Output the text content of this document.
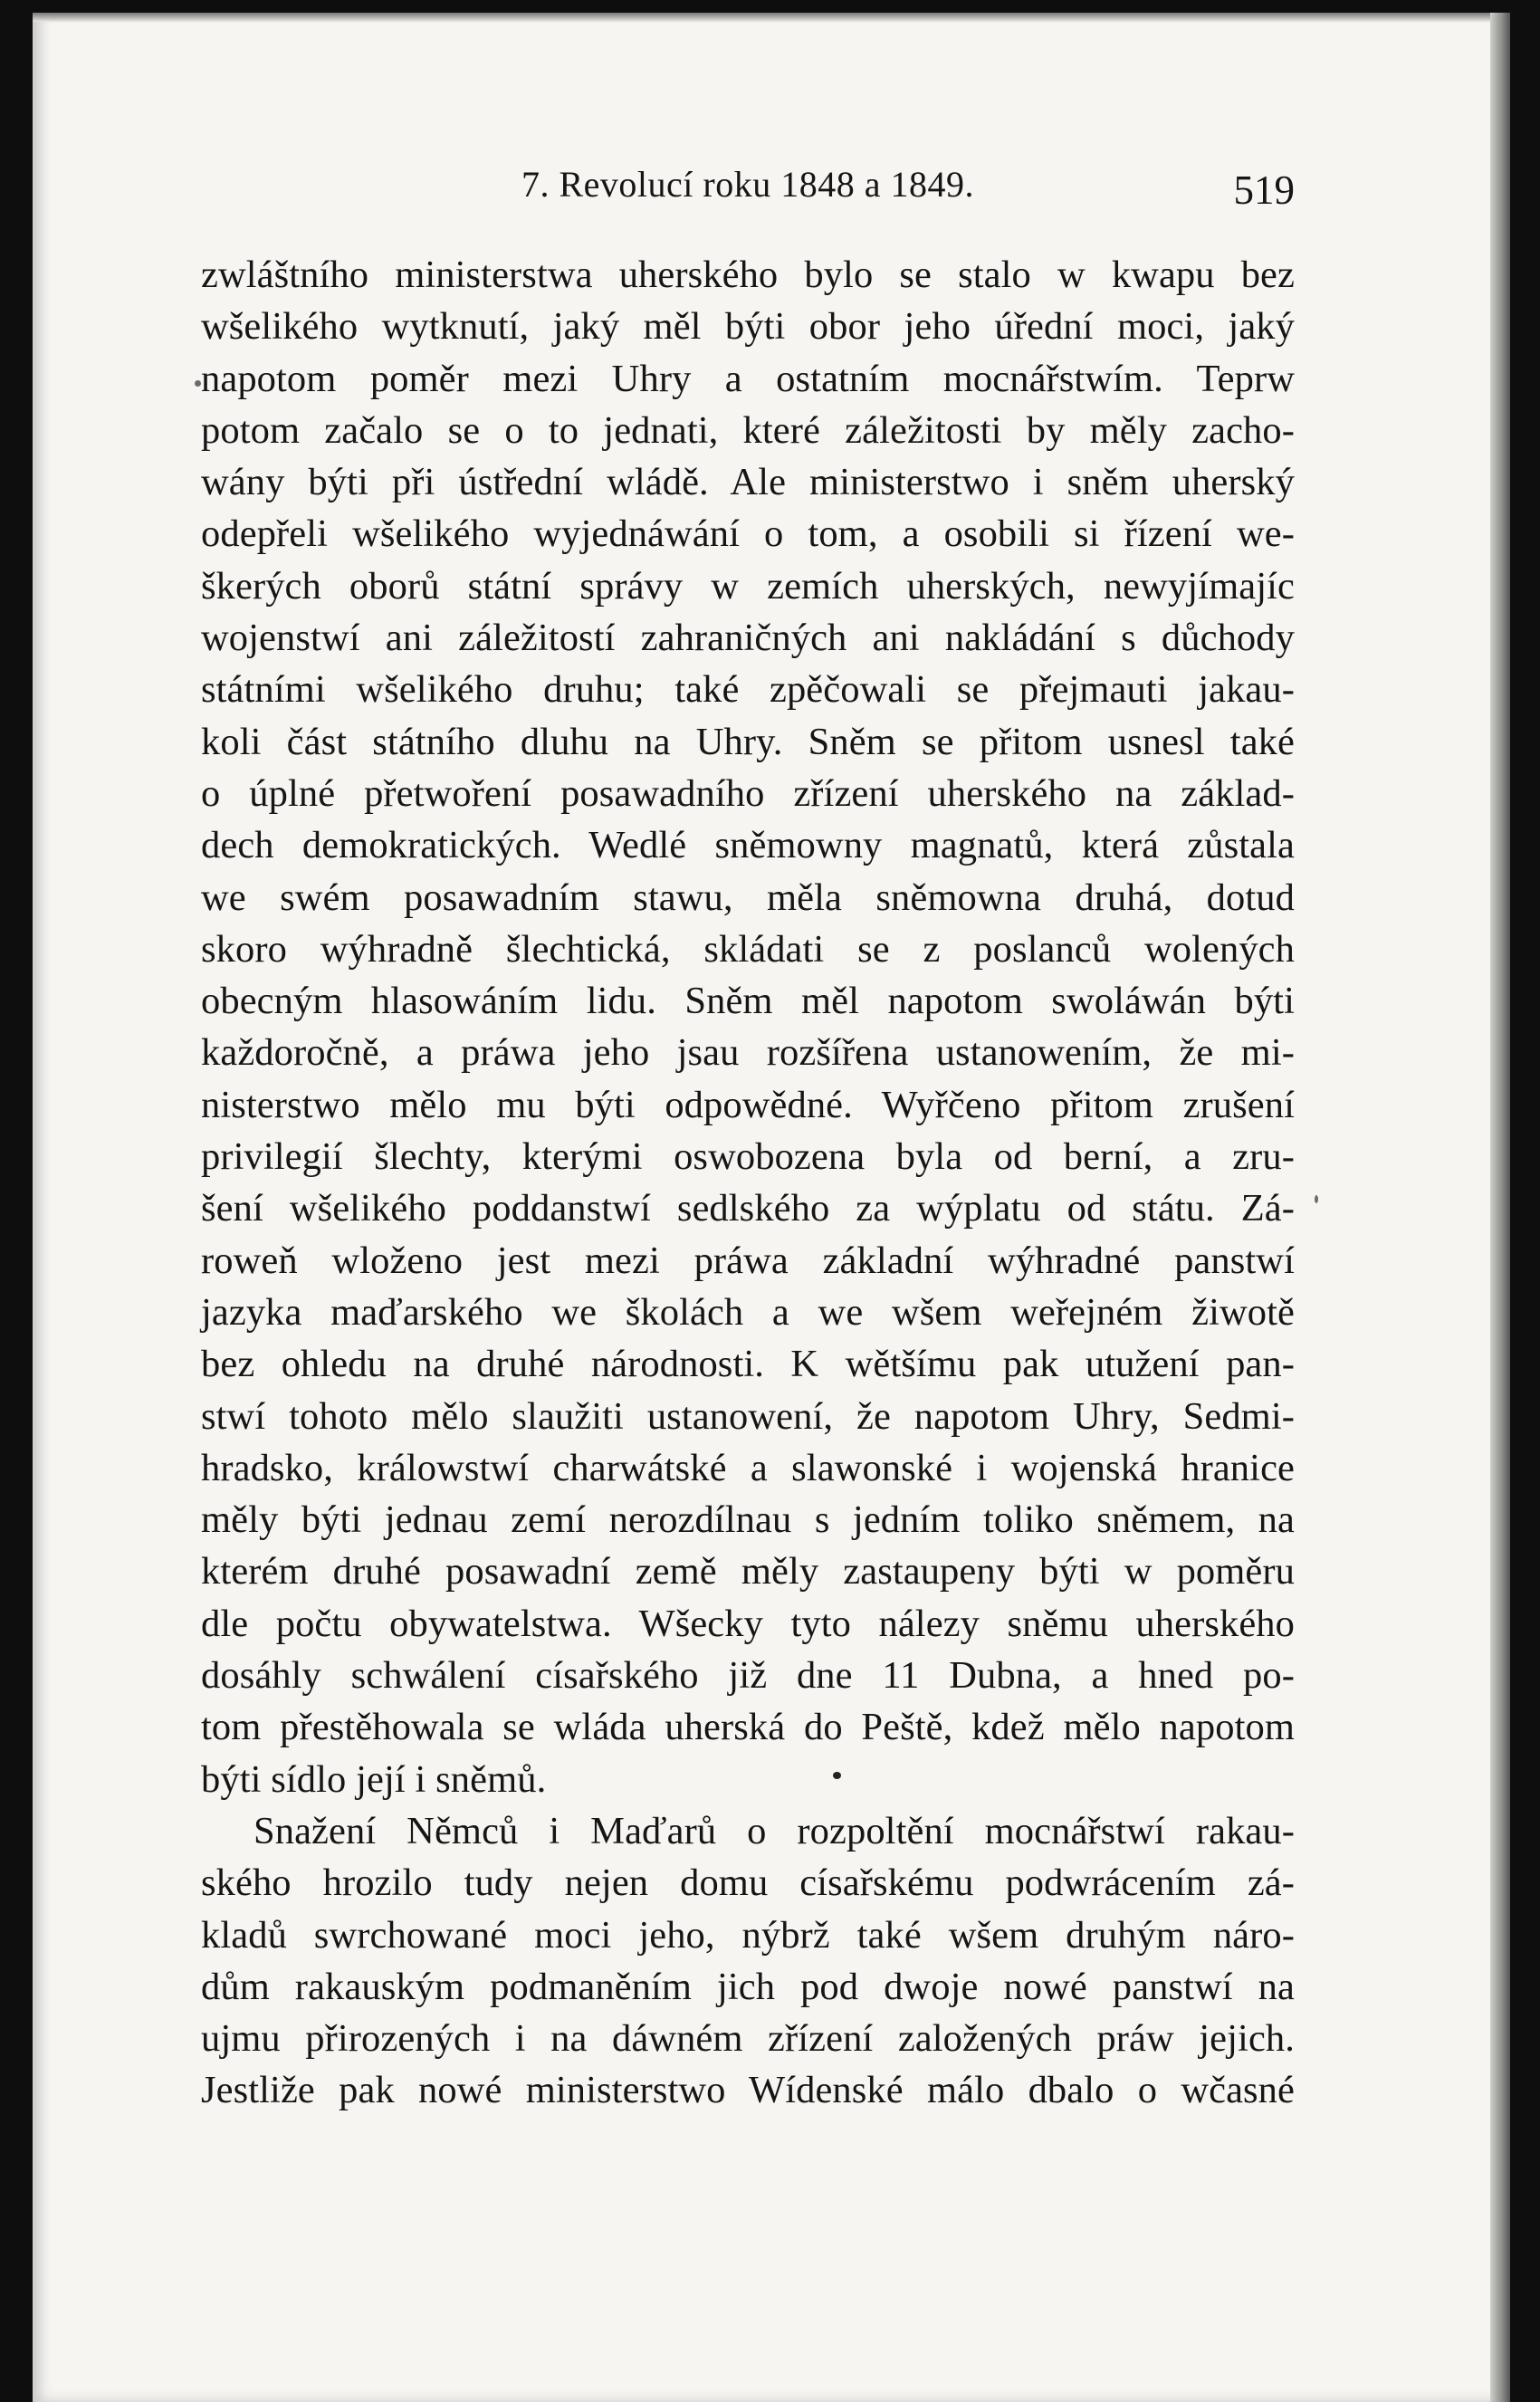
7. Revolucí roku 1848 a 1849.	519
zwláštního ministerstwa uherského bylo se stalo w kwapu bez
wšelikého wytknutí, jaký měl býti obor jeho úřední moci, jaký
napotom poměr mezi Uhry a ostatním mocnářstwím. Teprw
potom začalo se o to jednati, které záležitosti by měly zacho-
wány býti při ústřední wládě. Ale ministerstwo i sněm uherský
odepřeli wšelikého wyjednáwání o tom, a osobili si řízení we-
škerých oborů státní správy w zemích uherských, newyjímajíc
wojenstwí ani záležitostí zahraničných ani nakládání s důchody
státními wšelikého druhu; také zpěčowali se přejmauti jakau-
koli část státního dluhu na Uhry. Sněm se přitom usnesl také
o úplné přetwoření posawadního zřízení uherského na základ-
dech demokratických. Wedlé sněmowny magnatů, která zůstala
we swém posawadním stawu, měla sněmowna druhá, dotud
skoro wýhradně šlechtická, skládati se z poslanců wolených
obecným hlasowáním lidu. Sněm měl napotom swoláwán býti
každoročně, a práwa jeho jsau rozšířena ustanowením, že mi-
nisterstwo mělo mu býti odpowědné. Wyřčeno přitom zrušení
privilegií šlechty, kterými oswobozena byla od berní, a zru-
šení wšelikého poddanstwí sedlského za wýplatu od státu. Zá-
roweň wloženo jest mezi práwa základní wýhradné panstwí
jazyka maďarského we školách a we wšem weřejném žiwotě
bez ohledu na druhé národnosti. K wětšímu pak utužení pan-
stwí tohoto mělo slaužiti ustanowení, že napotom Uhry, Sedmi-
hradsko, králowstwí charwátské a slawonské i wojenská hranice
měly býti jednau zemí nerozdílnau s jedním toliko sněmem, na
kterém druhé posawadní země měly zastaupeny býti w poměru
dle počtu obywatelstwa. Wšecky tyto nálezy sněmu uherského
dosáhly schwálení císařského již dne 11 Dubna, a hned po-
tom přestěhowala se wláda uherská do Peště, kdež mělo napotom
býti sídlo její i sněmů.
Snažení Němců i Maďarů o rozpoltění mocnářstwí rakau-
ského hrozilo tudy nejen domu císařskému podwrácením zá-
kladů swrchowané moci jeho, nýbrž také wšem druhým náro-
dům rakauským podmaněním jich pod dwoje nowé panstwí na
ujmu přirozených i na dáwném zřízení založených práw jejich.
Jestliže pak nowé ministerstwo Wídenské málo dbalo o wčasné
